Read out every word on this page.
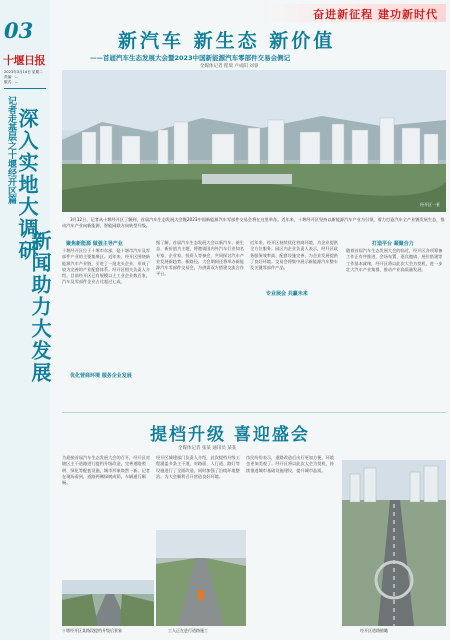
03
十堰日报
2023年3月14日 星期二
责编：...
版式：...
记者走基层之十堰经开区篇 深入实地大调研
新闻助力大发展
奋进新征程 建功新时代
新汽车 新生态 新价值
——首届汽车生态发展大会暨2023中国新能源汽车零部件交易会侧记
全媒体记者 程瑞 卢成阳 刘睿
经开区一景
3月12日，记者从十堰经开区了解到，首届汽车生态发展大会暨2023中国新能源汽车零部件交易会将在这里举办。近年来，十堰经开区坚持以新能源汽车产业为引领，着力打造汽车全产业链发展生态，推动汽车产业向新能源、智能网联方向转型升级。
聚焦新能源 做强主导产业
十堰经开区位于十堰市东部，是十堰市汽车及零部件产业的主要集聚区。近年来，经开区围绕新能源汽车产业链，引进了一批龙头企业，形成了较为完善的产业配套体系。经开区相关负责人介绍，目前经开区已有规模以上工业企业数百家，汽车及零部件企业占比超过七成。
据了解，首届汽车生态发展大会以新汽车、新生态、新价值为主题，将邀请国内外汽车行业知名专家、企业家、投资人等参会，共同探讨汽车产业发展新趋势、新路径。大会期间还将举办新能源汽车零部件交易会，为供需双方搭建交流合作平台。
专业展会 共赢未来
近年来，经开区持续优化营商环境，为企业提供全方位服务。园区内企业负责人表示，经开区政务服务效率高、配套设施完善，为企业发展提供了良好环境。交易会将集中展示新能源汽车整车及关键零部件产品。
打造平台 凝聚合力
随着首届汽车生态发展大会的临近，经开区各项筹备工作正有序推进，会场布置、嘉宾邀请、展位搭建等工作基本就绪，经开区将以此次大会为契机，进一步壮大汽车产业集群，推动产业高质量发展。
优化营商环境 服务企业发展
提档升级 喜迎盛会
全媒体记者 张某 通讯员 某某
为迎接首届汽车生态发展大会的召开，经开区对辖区主干道路进行提档升级改造，完善道路照明、绿化等配套设施，城市形象焕然一新。记者在现场看到，道路两侧绿树成荫，车辆通行顺畅。
经开区城建部门负责人介绍，此次提档升级工程涵盖多条主干道，对路面、人行道、路灯等设施进行了全面改造，同时加强了沿线环境整治，为大会顺利召开营造良好环境。
市民纷纷表示，道路改造后出行更加方便，环境也更加美观了。经开区将以此次大会为契机，持续推进城市基础设施建设，提升城市品质。
十堰经开区某路段提档升级后景象	工人正在进行道路施工	经开区道路俯瞰
